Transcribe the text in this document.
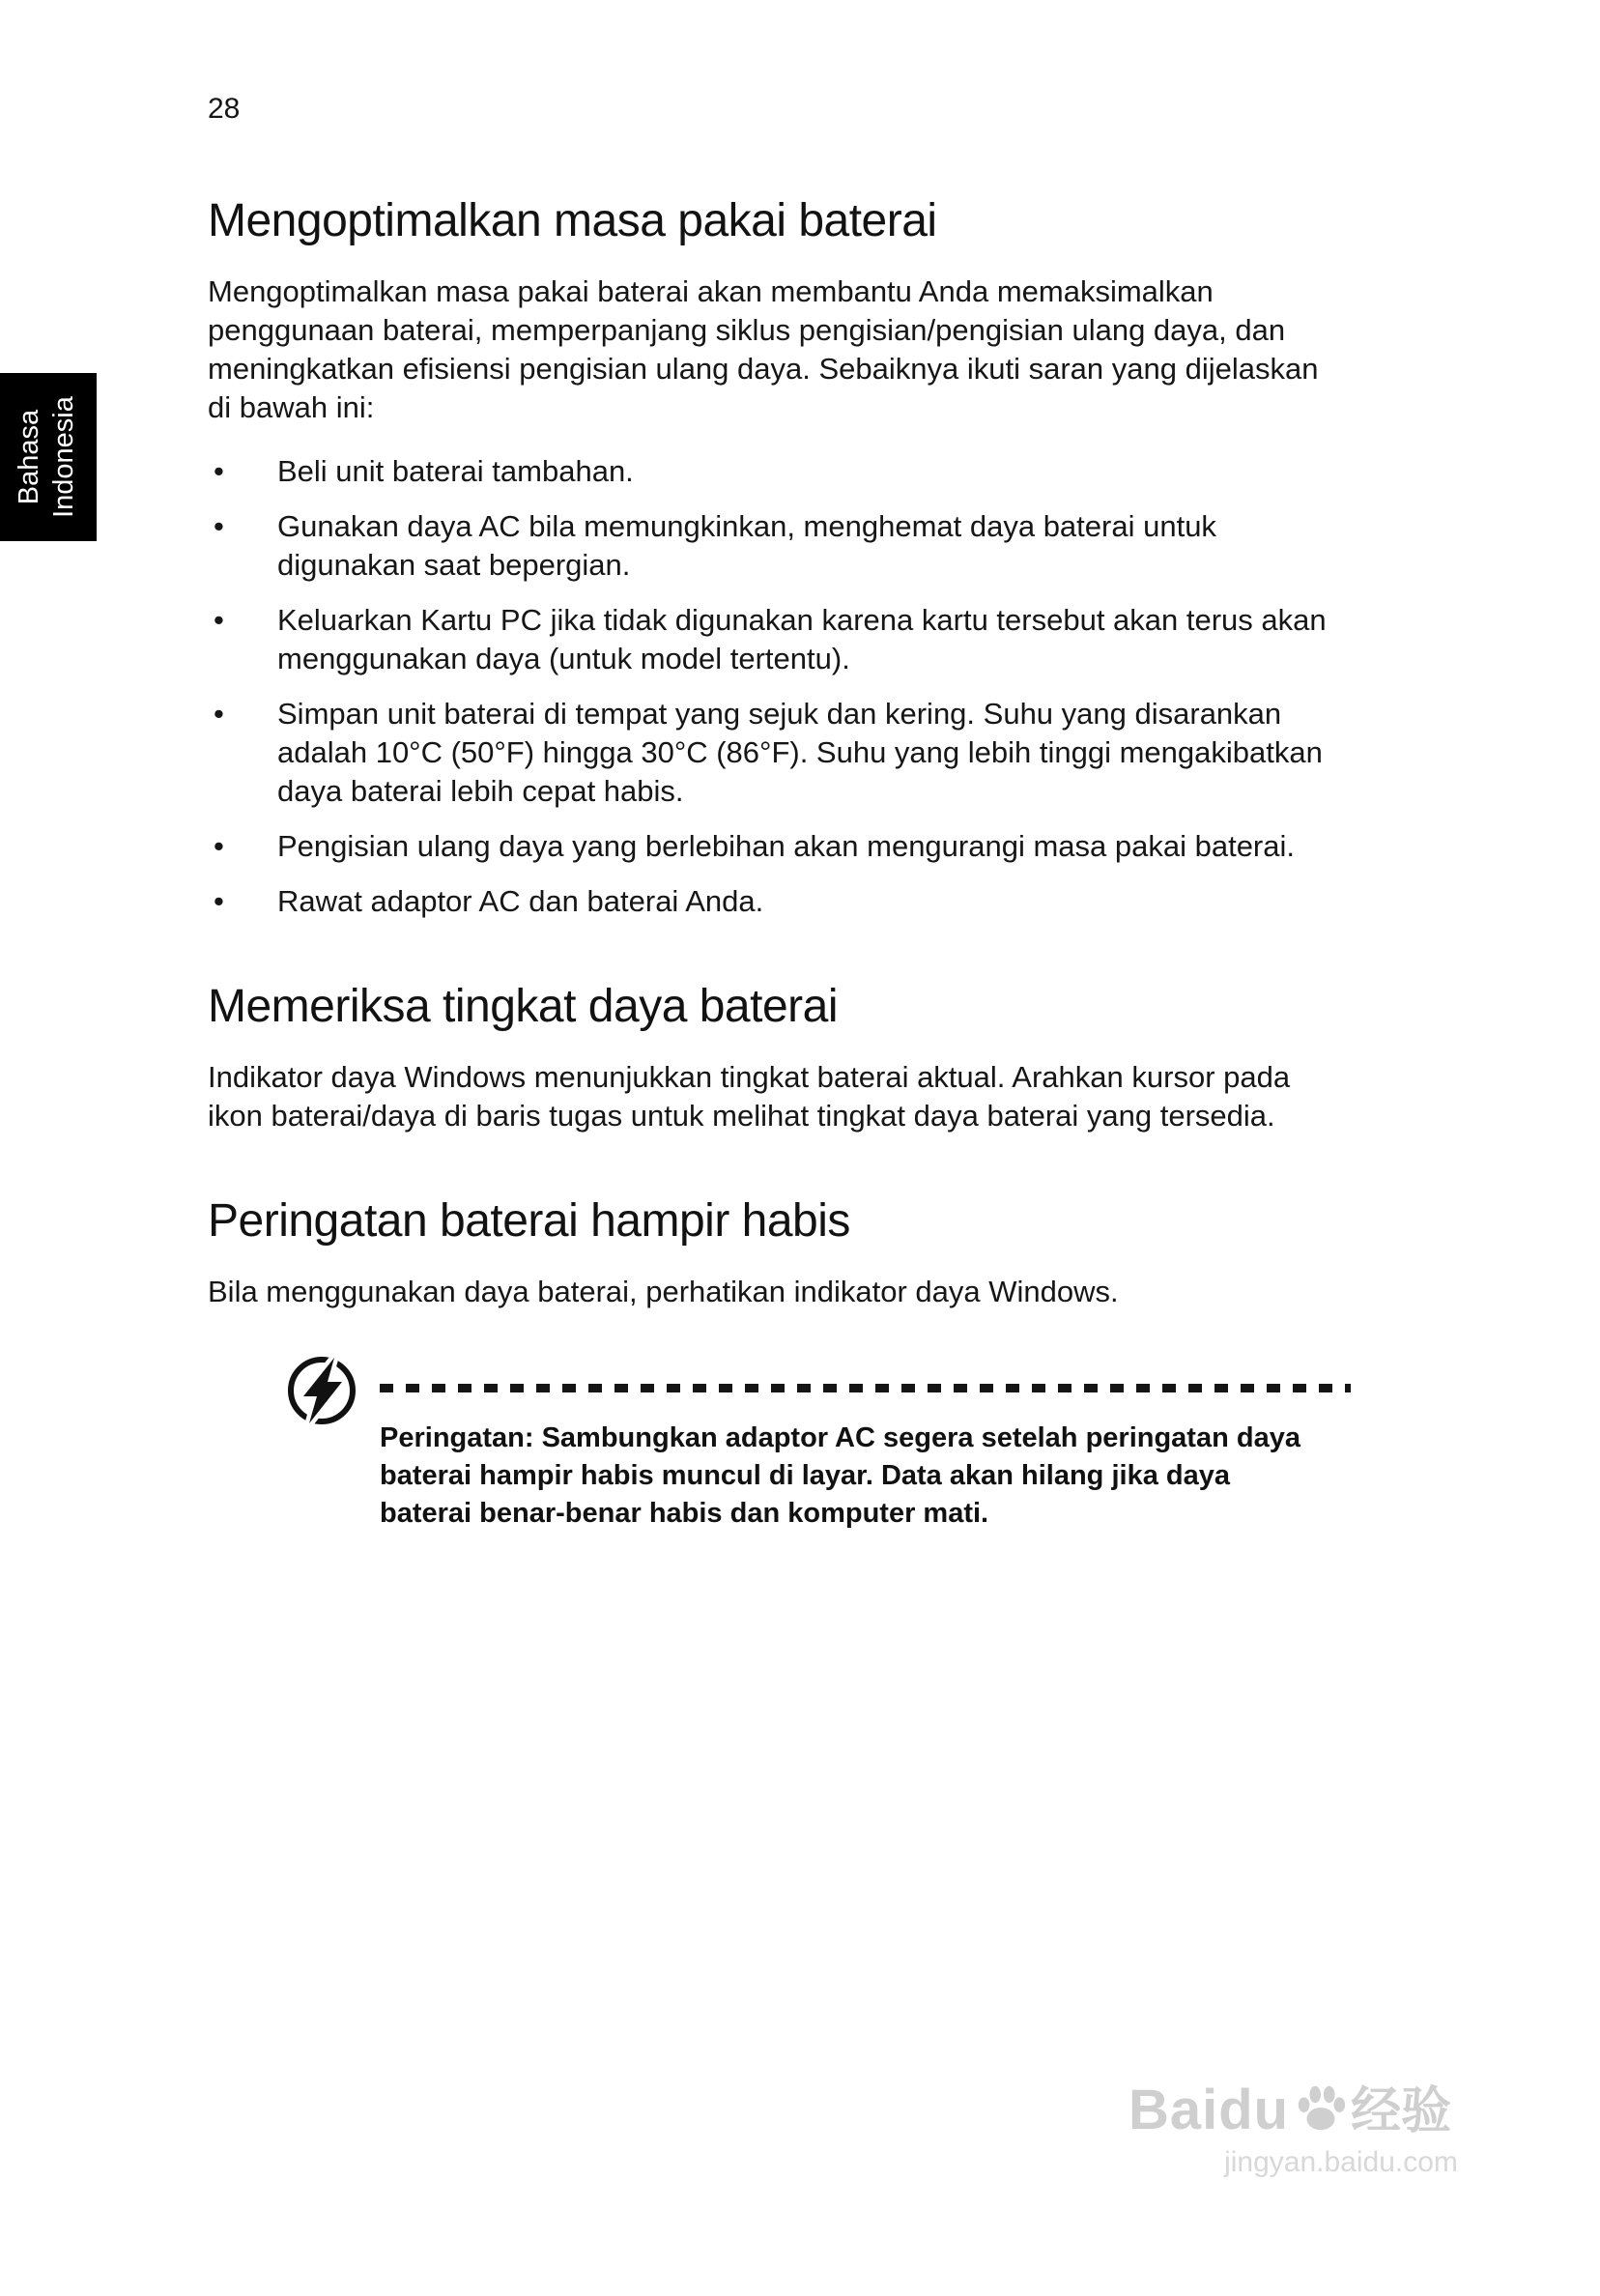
Bahasa Indonesia
28
Mengoptimalkan masa pakai baterai
Mengoptimalkan masa pakai baterai akan membantu Anda memaksimalkan penggunaan baterai, memperpanjang siklus pengisian/pengisian ulang daya, dan meningkatkan efisiensi pengisian ulang daya. Sebaiknya ikuti saran yang dijelaskan di bawah ini:
• Beli unit baterai tambahan.
• Gunakan daya AC bila memungkinkan, menghemat daya baterai untuk digunakan saat bepergian.
• Keluarkan Kartu PC jika tidak digunakan karena kartu tersebut akan terus akan menggunakan daya (untuk model tertentu).
• Simpan unit baterai di tempat yang sejuk dan kering. Suhu yang disarankan adalah 10°C (50°F) hingga 30°C (86°F). Suhu yang lebih tinggi mengakibatkan daya baterai lebih cepat habis.
• Pengisian ulang daya yang berlebihan akan mengurangi masa pakai baterai.
• Rawat adaptor AC dan baterai Anda.
Memeriksa tingkat daya baterai
Indikator daya Windows menunjukkan tingkat baterai aktual. Arahkan kursor pada ikon baterai/daya di baris tugas untuk melihat tingkat daya baterai yang tersedia.
Peringatan baterai hampir habis
Bila menggunakan daya baterai, perhatikan indikator daya Windows.
Peringatan: Sambungkan adaptor AC segera setelah peringatan daya baterai hampir habis muncul di layar. Data akan hilang jika daya baterai benar-benar habis dan komputer mati.
Baidu 经验
jingyan.baidu.com
